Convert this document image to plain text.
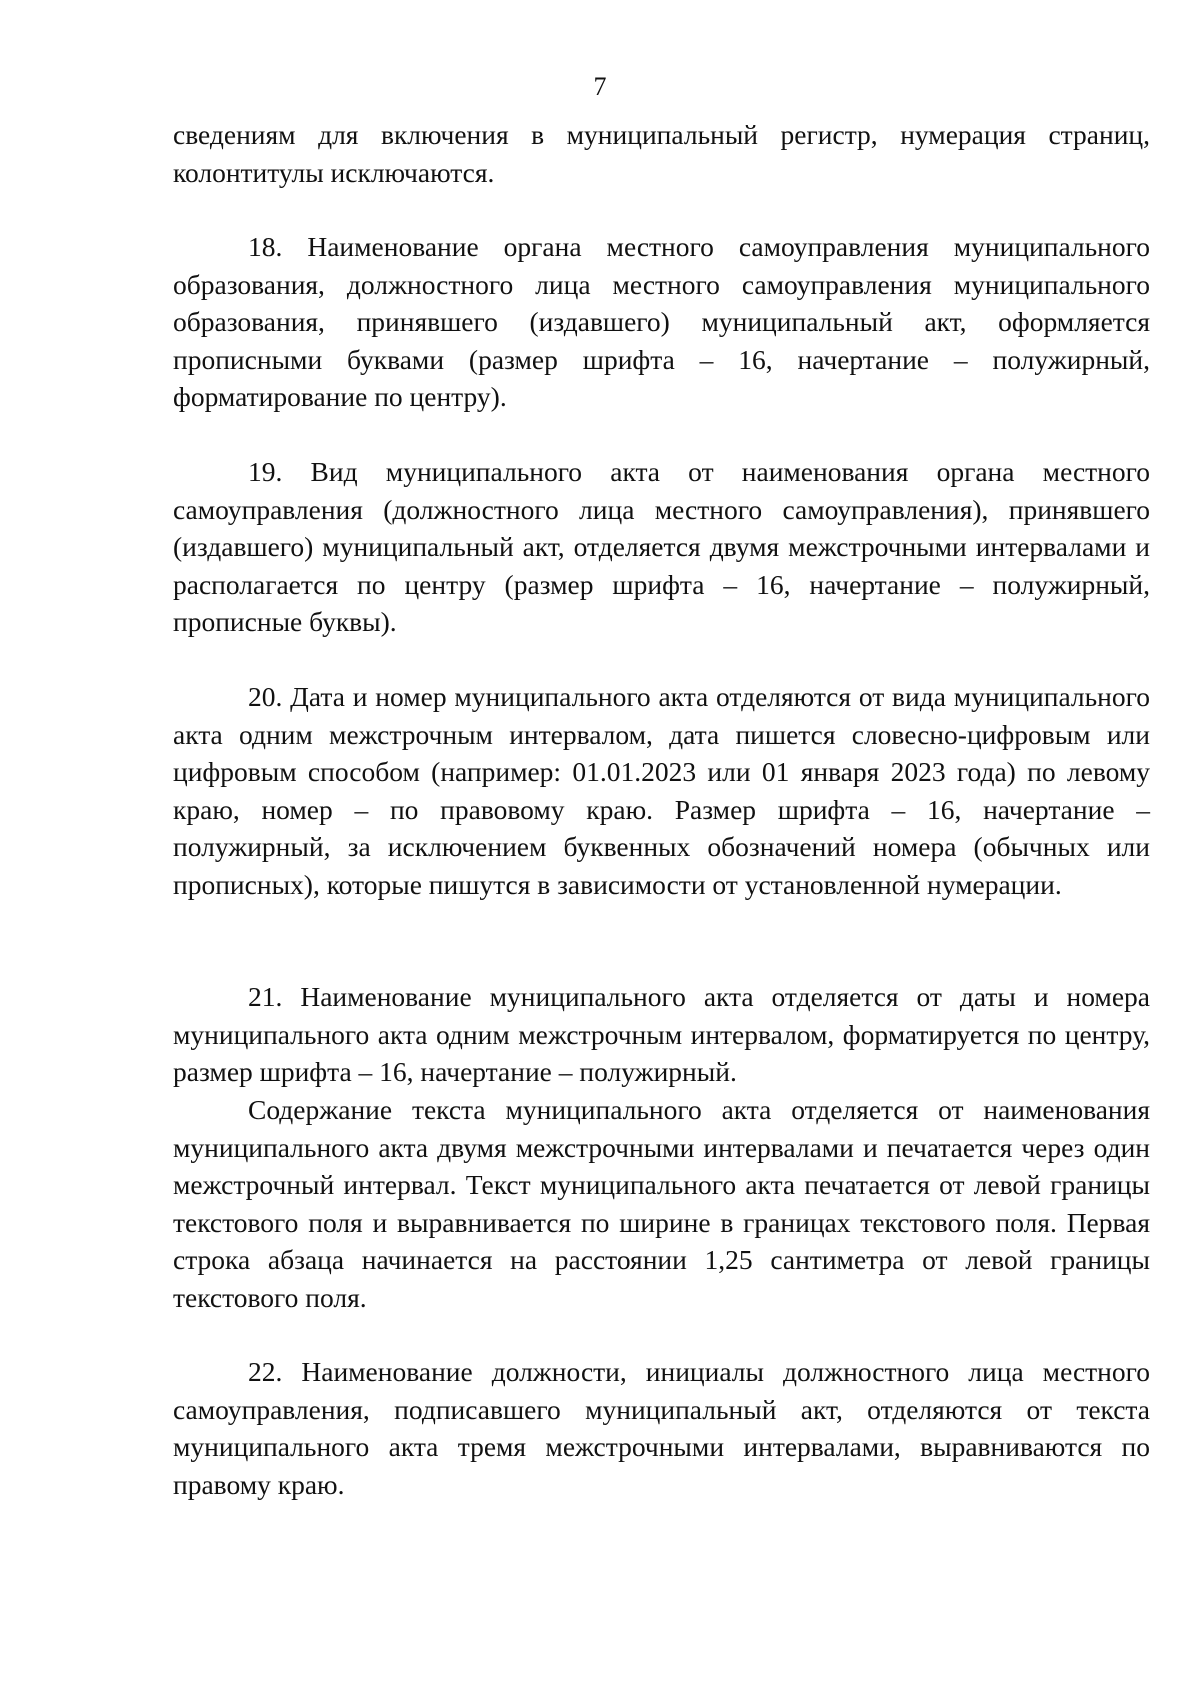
7

сведениям для включения в муниципальный регистр, нумерация страниц, колонтитулы исключаются.

18. Наименование органа местного самоуправления муниципального образования, должностного лица местного самоуправления муниципального образования, принявшего (издавшего) муниципальный акт, оформляется прописными буквами (размер шрифта – 16, начертание – полужирный, форматирование по центру).

19. Вид муниципального акта от наименования органа местного самоуправления (должностного лица местного самоуправления), принявшего (издавшего) муниципальный акт, отделяется двумя межстрочными интервалами и располагается по центру (размер шрифта – 16, начертание – полужирный, прописные буквы).

20. Дата и номер муниципального акта отделяются от вида муниципального акта одним межстрочным интервалом, дата пишется словесно-цифровым или цифровым способом (например: 01.01.2023 или 01 января 2023 года) по левому краю, номер – по правовому краю. Размер шрифта – 16, начертание – полужирный, за исключением буквенных обозначений номера (обычных или прописных), которые пишутся в зависимости от установленной нумерации.

21. Наименование муниципального акта отделяется от даты и номера муниципального акта одним межстрочным интервалом, форматируется по центру, размер шрифта – 16, начертание – полужирный.

Содержание текста муниципального акта отделяется от наименования муниципального акта двумя межстрочными интервалами и печатается через один межстрочный интервал. Текст муниципального акта печатается от левой границы текстового поля и выравнивается по ширине в границах текстового поля. Первая строка абзаца начинается на расстоянии 1,25 сантиметра от левой границы текстового поля.

22. Наименование должности, инициалы должностного лица местного самоуправления, подписавшего муниципальный акт, отделяются от текста муниципального акта тремя межстрочными интервалами, выравниваются по правому краю.
